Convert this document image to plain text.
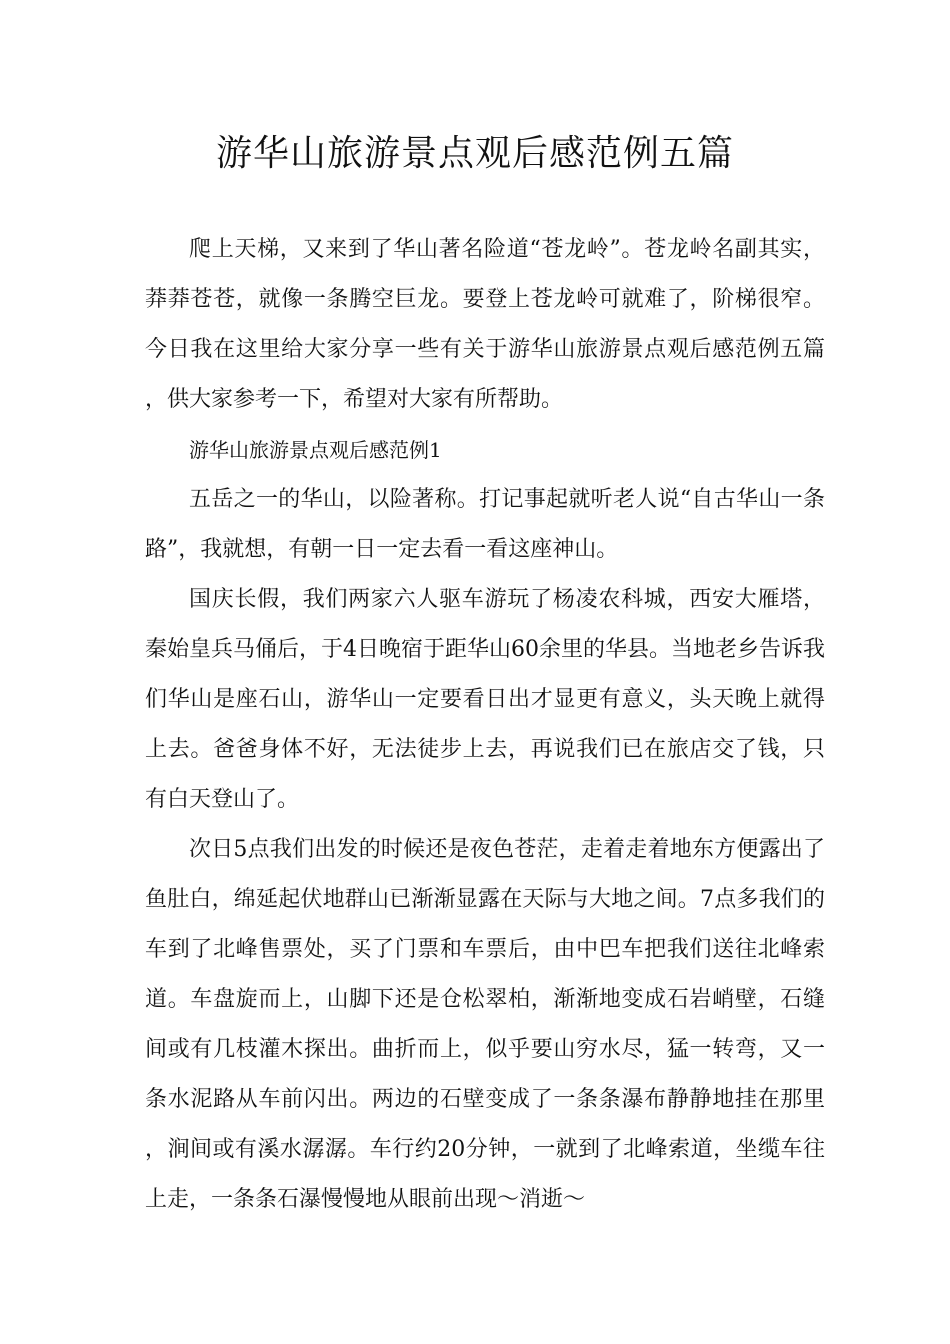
游华山旅游景点观后感范例五篇

爬上天梯，又来到了华山著名险道“苍龙岭”。苍龙岭名副其实，莽莽苍苍，就像一条腾空巨龙。要登上苍龙岭可就难了，阶梯很窄。今日我在这里给大家分享一些有关于游华山旅游景点观后感范例五篇，供大家参考一下，希望对大家有所帮助。

游华山旅游景点观后感范例1

五岳之一的华山，以险著称。打记事起就听老人说“自古华山一条路”，我就想，有朝一日一定去看一看这座神山。

国庆长假，我们两家六人驱车游玩了杨凌农科城，西安大雁塔，秦始皇兵马俑后，于4日晚宿于距华山60余里的华县。当地老乡告诉我们华山是座石山，游华山一定要看日出才显更有意义，头天晚上就得上去。爸爸身体不好，无法徒步上去，再说我们已在旅店交了钱，只有白天登山了。

次日5点我们出发的时候还是夜色苍茫，走着走着地东方便露出了鱼肚白，绵延起伏地群山已渐渐显露在天际与大地之间。7点多我们的车到了北峰售票处，买了门票和车票后，由中巴车把我们送往北峰索道。车盘旋而上，山脚下还是仓松翠柏，渐渐地变成石岩峭壁，石缝间或有几枝灌木探出。曲折而上，似乎要山穷水尽，猛一转弯，又一条水泥路从车前闪出。两边的石壁变成了一条条瀑布静静地挂在那里，涧间或有溪水潺潺。车行约20分钟，一就到了北峰索道，坐缆车往上走，一条条石瀑慢慢地从眼前出现～消逝～
